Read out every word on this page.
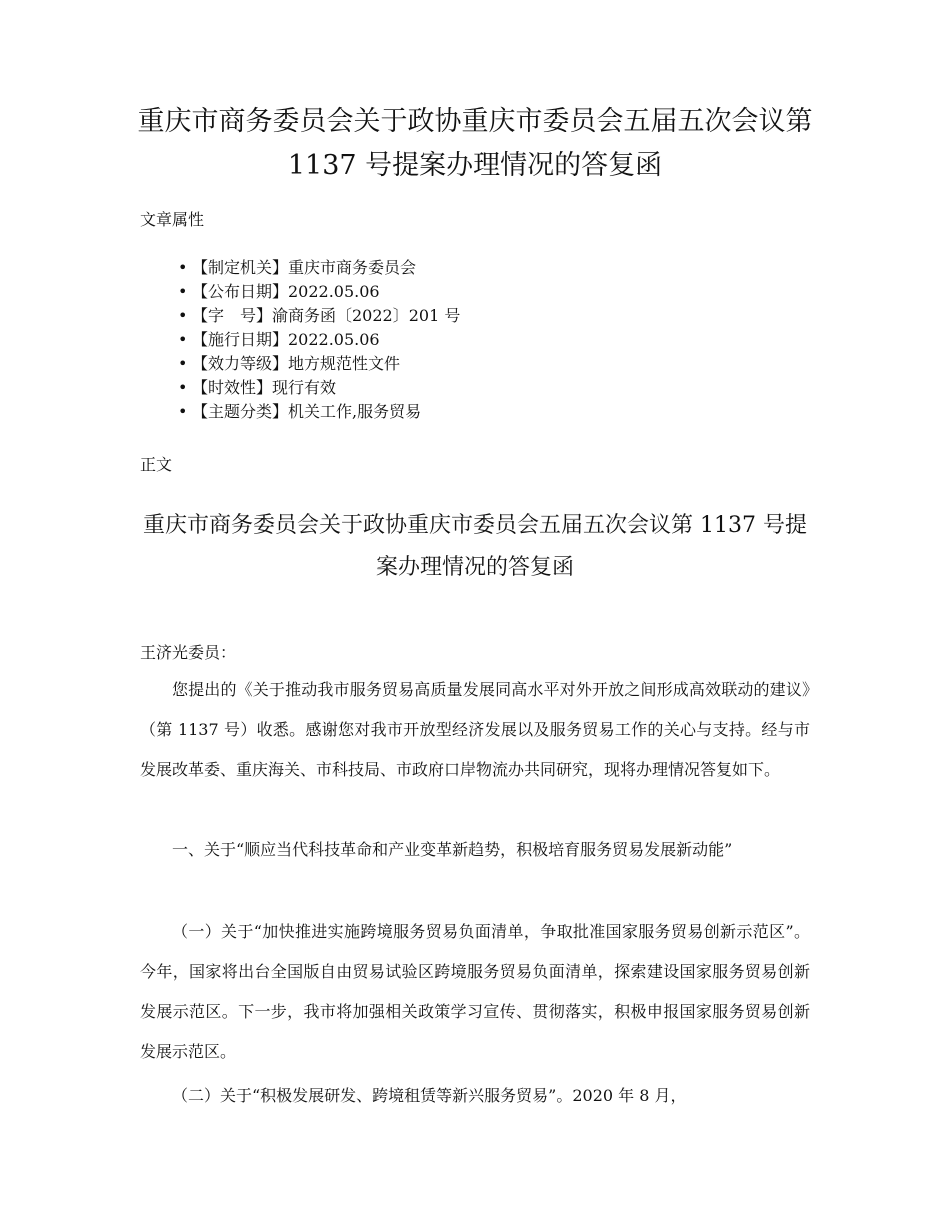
重庆市商务委员会关于政协重庆市委员会五届五次会议第 1137 号提案办理情况的答复函

文章属性

• 【制定机关】重庆市商务委员会
• 【公布日期】2022.05.06
• 【字　号】渝商务函〔2022〕201 号
• 【施行日期】2022.05.06
• 【效力等级】地方规范性文件
• 【时效性】现行有效
• 【主题分类】机关工作,服务贸易

正文

重庆市商务委员会关于政协重庆市委员会五届五次会议第 1137 号提案办理情况的答复函

王济光委员：

您提出的《关于推动我市服务贸易高质量发展同高水平对外开放之间形成高效联动的建议》（第 1137 号）收悉。感谢您对我市开放型经济发展以及服务贸易工作的关心与支持。经与市发展改革委、重庆海关、市科技局、市政府口岸物流办共同研究，现将办理情况答复如下。

一、关于“顺应当代科技革命和产业变革新趋势，积极培育服务贸易发展新动能”

（一）关于“加快推进实施跨境服务贸易负面清单，争取批准国家服务贸易创新示范区”。今年，国家将出台全国版自由贸易试验区跨境服务贸易负面清单，探索建设国家服务贸易创新发展示范区。下一步，我市将加强相关政策学习宣传、贯彻落实，积极申报国家服务贸易创新发展示范区。

（二）关于“积极发展研发、跨境租赁等新兴服务贸易”。2020 年 8 月，
